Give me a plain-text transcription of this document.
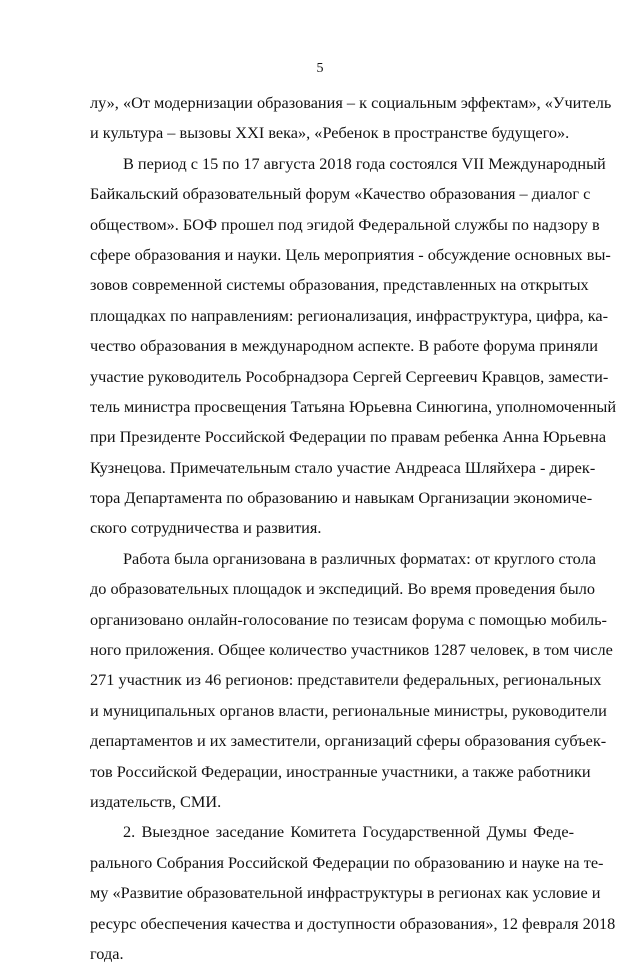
5

лу», «От модернизации образования – к социальным эффектам», «Учитель
и культура – вызовы XXI века», «Ребенок в пространстве будущего».

В период с 15 по 17 августа 2018 года состоялся VII Международный
Байкальский образовательный форум «Качество образования – диалог с
обществом». БОФ прошел под эгидой Федеральной службы по надзору в
сфере образования и науки. Цель мероприятия - обсуждение основных вы-
зовов современной системы образования, представленных на открытых
площадках по направлениям: регионализация, инфраструктура, цифра, ка-
чество образования в международном аспекте. В работе форума приняли
участие руководитель Рособрнадзора Сергей Сергеевич Кравцов, замести-
тель министра просвещения Татьяна Юрьевна Синюгина, уполномоченный
при Президенте Российской Федерации по правам ребенка Анна Юрьевна
Кузнецова. Примечательным стало участие Андреаса Шляйхера - дирек-
тора Департамента по образованию и навыкам Организации экономиче-
ского сотрудничества и развития.

Работа была организована в различных форматах: от круглого стола
до образовательных площадок и экспедиций. Во время проведения было
организовано онлайн-голосование по тезисам форума с помощью мобиль-
ного приложения. Общее количество участников 1287 человек, в том числе
271 участник из 46 регионов: представители федеральных, региональных
и муниципальных органов власти, региональные министры, руководители
департаментов и их заместители, организаций сферы образования субъек-
тов Российской Федерации, иностранные участники, а также работники
издательств, СМИ.

2. Выездное заседание Комитета Государственной Думы Феде-
рального Собрания Российской Федерации по образованию и науке на те-
му «Развитие образовательной инфраструктуры в регионах как условие и
ресурс обеспечения качества и доступности образования», 12 февраля 2018
года.
